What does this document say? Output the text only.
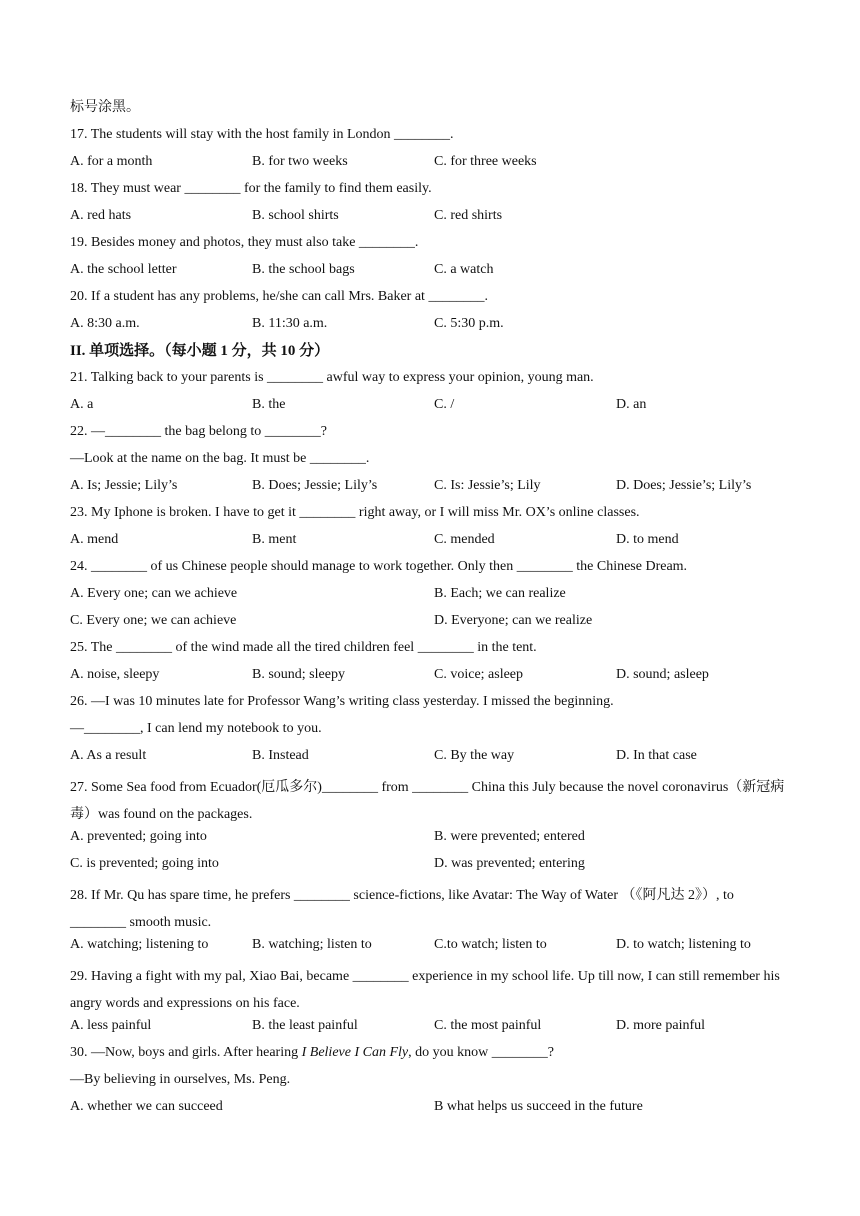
标号涂黑。
17. The students will stay with the host family in London ________.
A. for a month	B. for two weeks	C. for three weeks
18. They must wear ________ for the family to find them easily.
A. red hats	B. school shirts	C. red shirts
19. Besides money and photos, they must also take ________.
A. the school letter	B. the school bags	C. a watch
20. If a student has any problems, he/she can call Mrs. Baker at ________.
A. 8:30 a.m.	B. 11:30 a.m.	C. 5:30 p.m.
II. 单项选择。（每小题 1 分，共 10 分）
21. Talking back to your parents is ________ awful way to express your opinion, young man.
A. a	B. the	C. /	D. an
22. —________ the bag belong to ________?
—Look at the name on the bag. It must be ________.
A. Is; Jessie; Lily’s	B. Does; Jessie; Lily’s	C. Is: Jessie’s; Lily	D. Does; Jessie’s; Lily’s
23. My Iphone is broken. I have to get it ________ right away, or I will miss Mr. OX’s online classes.
A. mend	B. ment	C. mended	D. to mend
24. ________ of us Chinese people should manage to work together. Only then ________ the Chinese Dream.
A. Every one; can we achieve	B. Each; we can realize
C. Every one; we can achieve	D. Everyone; can we realize
25. The ________ of the wind made all the tired children feel ________ in the tent.
A. noise, sleepy	B. sound; sleepy	C. voice; asleep	D. sound; asleep
26. —I was 10 minutes late for Professor Wang’s writing class yesterday. I missed the beginning.
—________, I can lend my notebook to you.
A. As a result	B. Instead	C. By the way	D. In that case
27. Some Sea food from Ecuador(厄瓜多尔)________ from ________ China this July because the novel coronavirus（新冠病毒）was found on the packages.
A. prevented; going into	B. were prevented; entered
C. is prevented; going into	D. was prevented; entering
28. If Mr. Qu has spare time, he prefers ________ science-fictions, like Avatar: The Way of Water （《阿凡达 2》）, to ________ smooth music.
A. watching; listening to	B. watching; listen to	C.to watch; listen to	D. to watch; listening to
29. Having a fight with my pal, Xiao Bai, became ________ experience in my school life. Up till now, I can still remember his angry words and expressions on his face.
A. less painful	B. the least painful	C. the most painful	D. more painful
30. —Now, boys and girls. After hearing I Believe I Can Fly, do you know ________?
—By believing in ourselves, Ms. Peng.
A. whether we can succeed	B what helps us succeed in the future
